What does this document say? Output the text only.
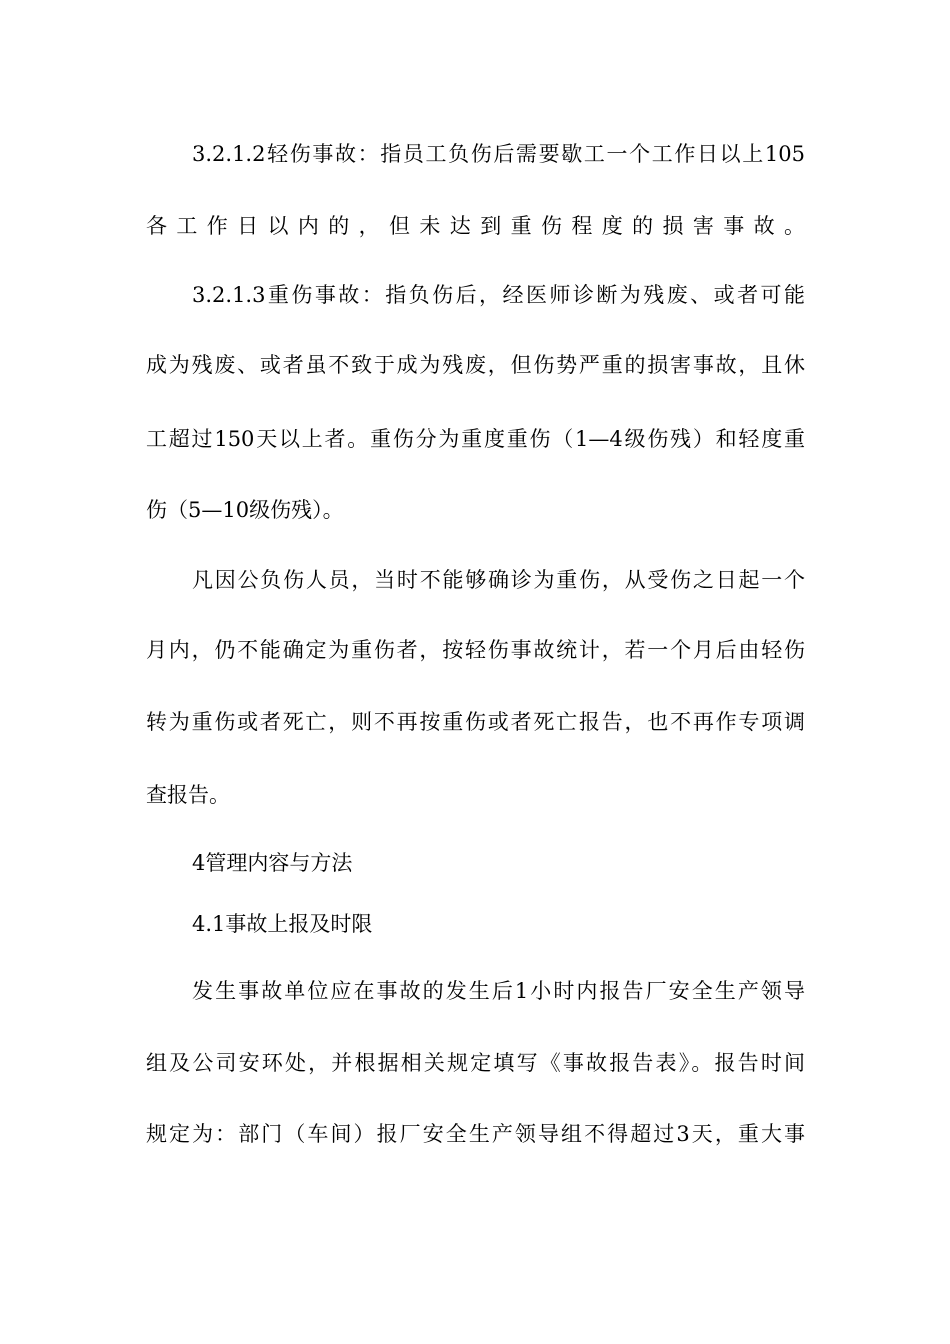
3.2.1.2轻伤事故：指员工负伤后需要歇工一个工作日以上105
各工作日以内的，但未达到重伤程度的损害事故。
3.2.1.3重伤事故：指负伤后，经医师诊断为残废、或者可能
成为残废、或者虽不致于成为残废，但伤势严重的损害事故，且休
工超过150天以上者。重伤分为重度重伤（1—4级伤残）和轻度重
伤（5—10级伤残）。
凡因公负伤人员，当时不能够确诊为重伤，从受伤之日起一个
月内，仍不能确定为重伤者，按轻伤事故统计，若一个月后由轻伤
转为重伤或者死亡，则不再按重伤或者死亡报告，也不再作专项调
查报告。
4管理内容与方法
4.1事故上报及时限
发生事故单位应在事故的发生后1小时内报告厂安全生产领导
组及公司安环处，并根据相关规定填写《事故报告表》。报告时间
规定为：部门（车间）报厂安全生产领导组不得超过3天，重大事
